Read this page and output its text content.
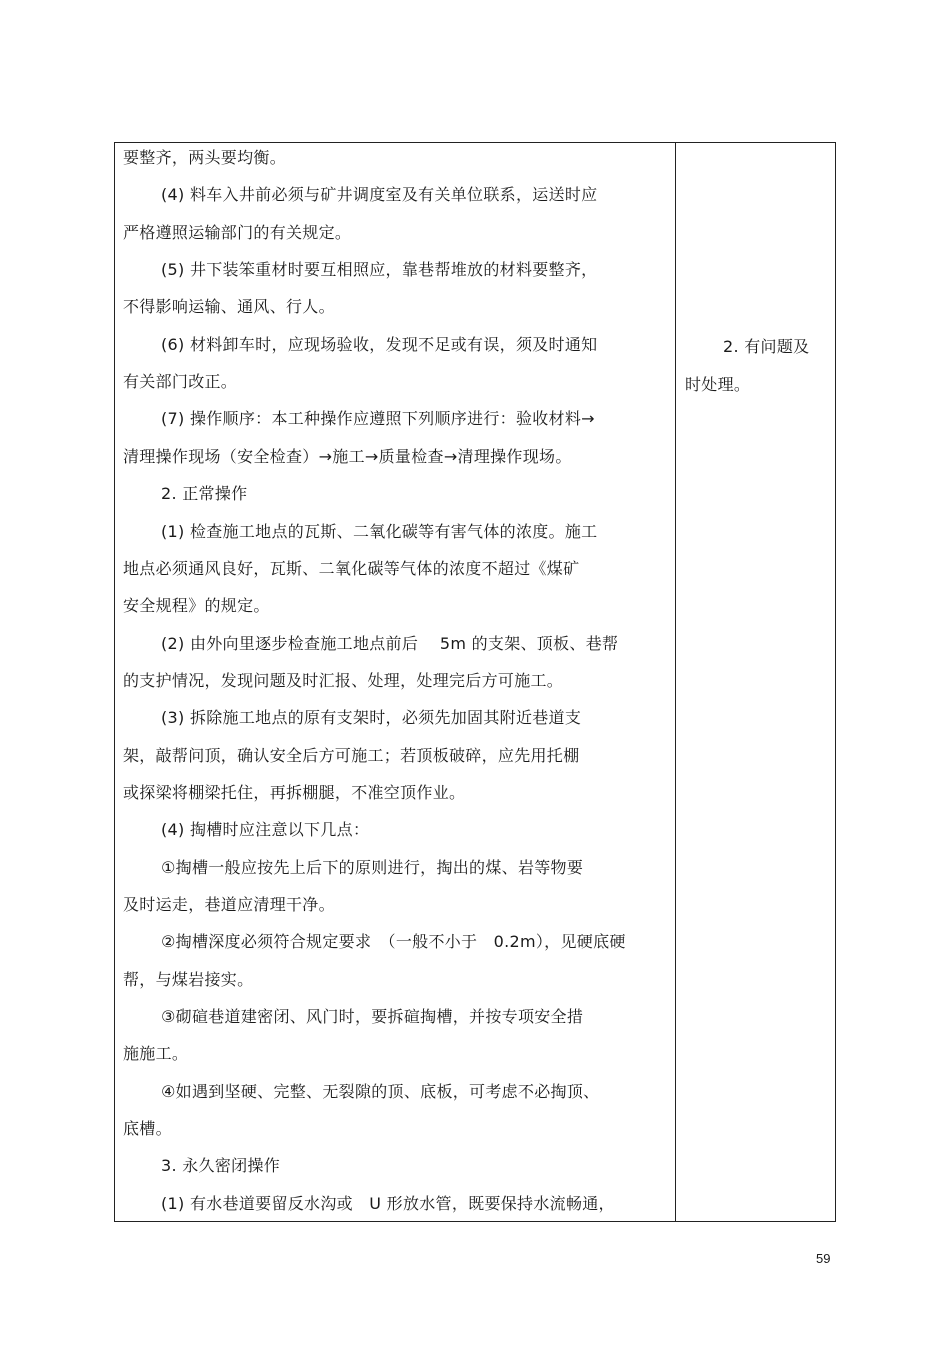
要整齐，两头要均衡。
(4) 料车入井前必须与矿井调度室及有关单位联系，运送时应
严格遵照运输部门的有关规定。
(5) 井下装笨重材时要互相照应，靠巷帮堆放的材料要整齐，
不得影响运输、通风、行人。
(6) 材料卸车时，应现场验收，发现不足或有误，须及时通知
有关部门改正。
(7) 操作顺序：本工种操作应遵照下列顺序进行：验收材料→
清理操作现场（安全检查）→施工→质量检查→清理操作现场。
2. 正常操作
(1) 检查施工地点的瓦斯、二氧化碳等有害气体的浓度。施工
地点必须通风良好，瓦斯、二氧化碳等气体的浓度不超过《煤矿
安全规程》的规定。
(2) 由外向里逐步检查施工地点前后　 5m 的支架、顶板、巷帮
的支护情况，发现问题及时汇报、处理，处理完后方可施工。
(3) 拆除施工地点的原有支架时，必须先加固其附近巷道支
架，敲帮问顶，确认安全后方可施工；若顶板破碎，应先用托棚
或探梁将棚梁托住，再拆棚腿，不准空顶作业。
(4) 掏槽时应注意以下几点：
①掏槽一般应按先上后下的原则进行，掏出的煤、岩等物要
及时运走，巷道应清理干净。
②掏槽深度必须符合规定要求　（一般不小于　0.2m），见硬底硬
帮，与煤岩接实。
③砌碹巷道建密闭、风门时，要拆碹掏槽，并按专项安全措
施施工。
④如遇到坚硬、完整、无裂隙的顶、底板，可考虑不必掏顶、
底槽。
3. 永久密闭操作
(1) 有水巷道要留反水沟或　U 形放水管，既要保持水流畅通，
2. 有问题及
时处理。
59
